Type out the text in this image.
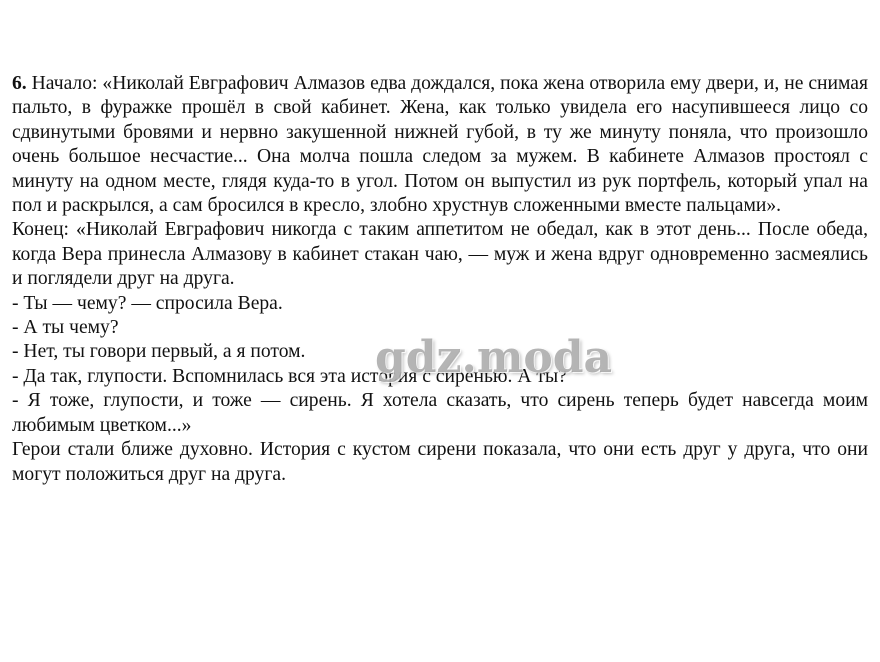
6. Начало: «Николай Евграфович Алмазов едва дождался, пока жена отворила ему двери, и, не снимая пальто, в фуражке прошёл в свой кабинет. Жена, как только увидела его насупившееся лицо со сдвинутыми бровями и нервно закушенной нижней губой, в ту же минуту поняла, что произошло очень большое несчастие... Она молча пошла следом за мужем. В кабинете Алмазов простоял с минуту на одном месте, глядя куда-то в угол. Потом он выпустил из рук портфель, который упал на пол и раскрылся, а сам бросился в кресло, злобно хрустнув сложенными вместе пальцами».

Конец: «Николай Евграфович никогда с таким аппетитом не обедал, как в этот день... После обеда, когда Вера принесла Алмазову в кабинет стакан чаю, — муж и жена вдруг одновременно засмеялись и поглядели друг на друга.

- Ты — чему? — спросила Вера.

- А ты чему?

- Нет, ты говори первый, а я потом.

- Да так, глупости. Вспомнилась вся эта история с сиренью. А ты?

- Я тоже, глупости, и тоже — сирень. Я хотела сказать, что сирень теперь будет навсегда моим любимым цветком...»

Герои стали ближе духовно. История с кустом сирени показала, что они есть друг у друга, что они могут положиться друг на друга.

gdz.moda
